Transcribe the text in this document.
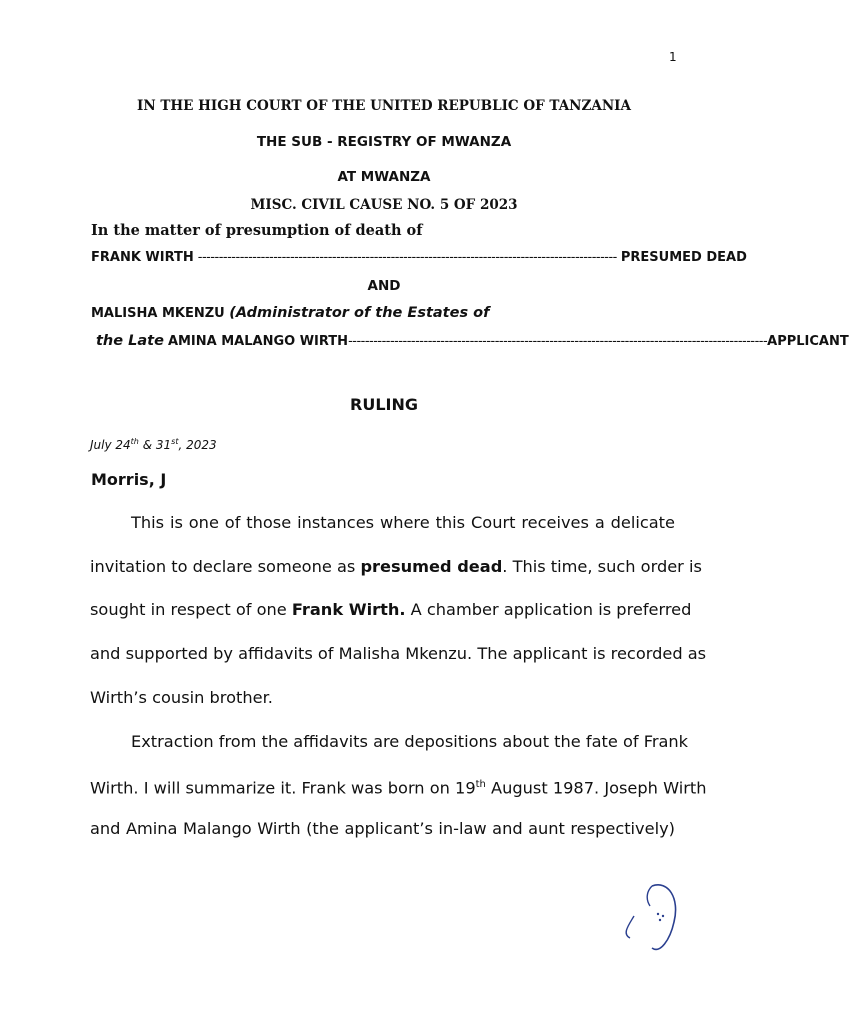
1
IN THE HIGH COURT OF THE UNITED REPUBLIC OF TANZANIA
THE SUB - REGISTRY OF MWANZA
AT MWANZA
MISC. CIVIL CAUSE NO. 5 OF 2023
In the matter of presumption of death of
FRANK WIRTH ---------------------------------------------------------------------------------------------------- PRESUMED DEAD
AND
MALISHA MKENZU (Administrator of the Estates of
the Late AMINA MALANGO WIRTH ---------------------------------------------------------------------------------------------------- APPLICANT
RULING
July 24th & 31st, 2023
Morris, J
This is one of those instances where this Court receives a delicate
invitation to declare someone as presumed dead. This time, such order is
sought in respect of one Frank Wirth. A chamber application is preferred
and supported by affidavits of Malisha Mkenzu. The applicant is recorded as
Wirth’s cousin brother.
Extraction from the affidavits are depositions about the fate of Frank
Wirth. I will summarize it. Frank was born on 19th August 1987. Joseph Wirth
and Amina Malango Wirth (the applicant’s in-law and aunt respectively)
